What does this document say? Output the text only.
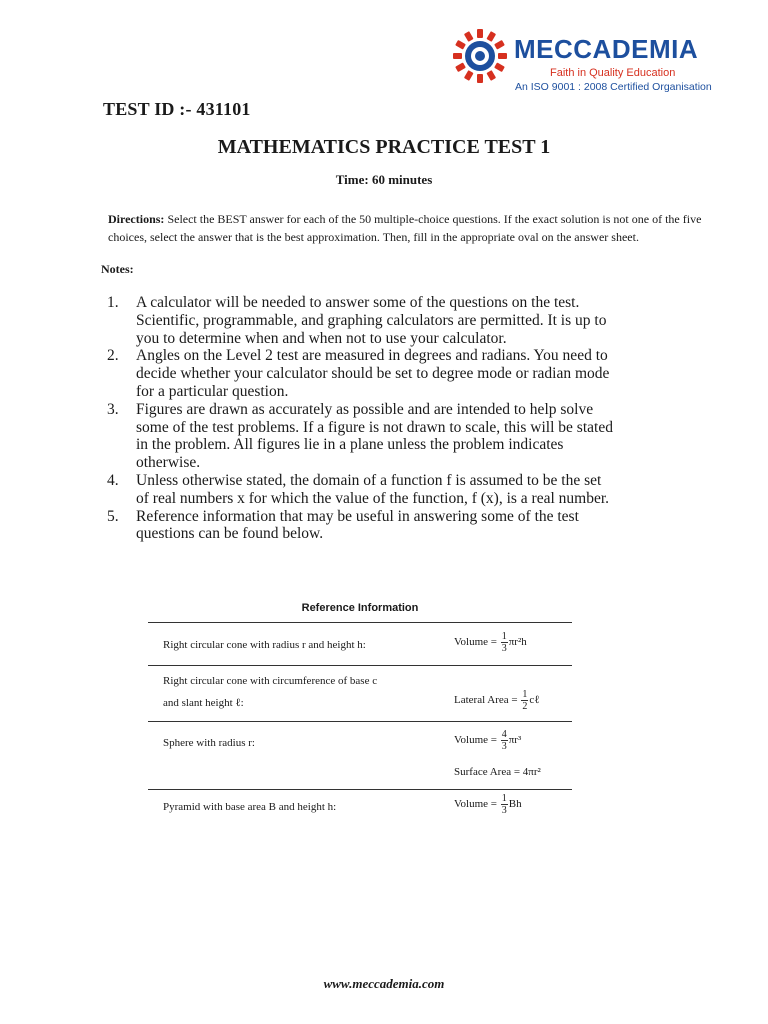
MECCADEMIA
Faith in Quality Education
An ISO 9001 : 2008 Certified Organisation
TEST ID :- 431101
MATHEMATICS PRACTICE TEST 1
Time: 60 minutes
Directions: Select the BEST answer for each of the 50 multiple-choice questions. If the exact solution is not one of the five choices, select the answer that is the best approximation. Then, fill in the appropriate oval on the answer sheet.
Notes:
1. A calculator will be needed to answer some of the questions on the test. Scientific, programmable, and graphing calculators are permitted. It is up to you to determine when and when not to use your calculator.
2. Angles on the Level 2 test are measured in degrees and radians. You need to decide whether your calculator should be set to degree mode or radian mode for a particular question.
3. Figures are drawn as accurately as possible and are intended to help solve some of the test problems. If a figure is not drawn to scale, this will be stated in the problem. All figures lie in a plane unless the problem indicates otherwise.
4. Unless otherwise stated, the domain of a function f is assumed to be the set of real numbers x for which the value of the function, f (x), is a real number.
5. Reference information that may be useful in answering some of the test questions can be found below.
Reference Information
Right circular cone with radius r and height h:	Volume = $\frac{1}{3} \pi r^2h$
Right circular cone with circumference of base c
and slant height ℓ:	Lateral Area = $\frac{1}{2}$ cℓ
Sphere with radius r:	Volume = $\frac{4}{3} \pi r^3$
Surface Area = 4πr²
Pyramid with base area B and height h:	Volume = $\frac{1}{3}$ Bh
www.meccademia.com
